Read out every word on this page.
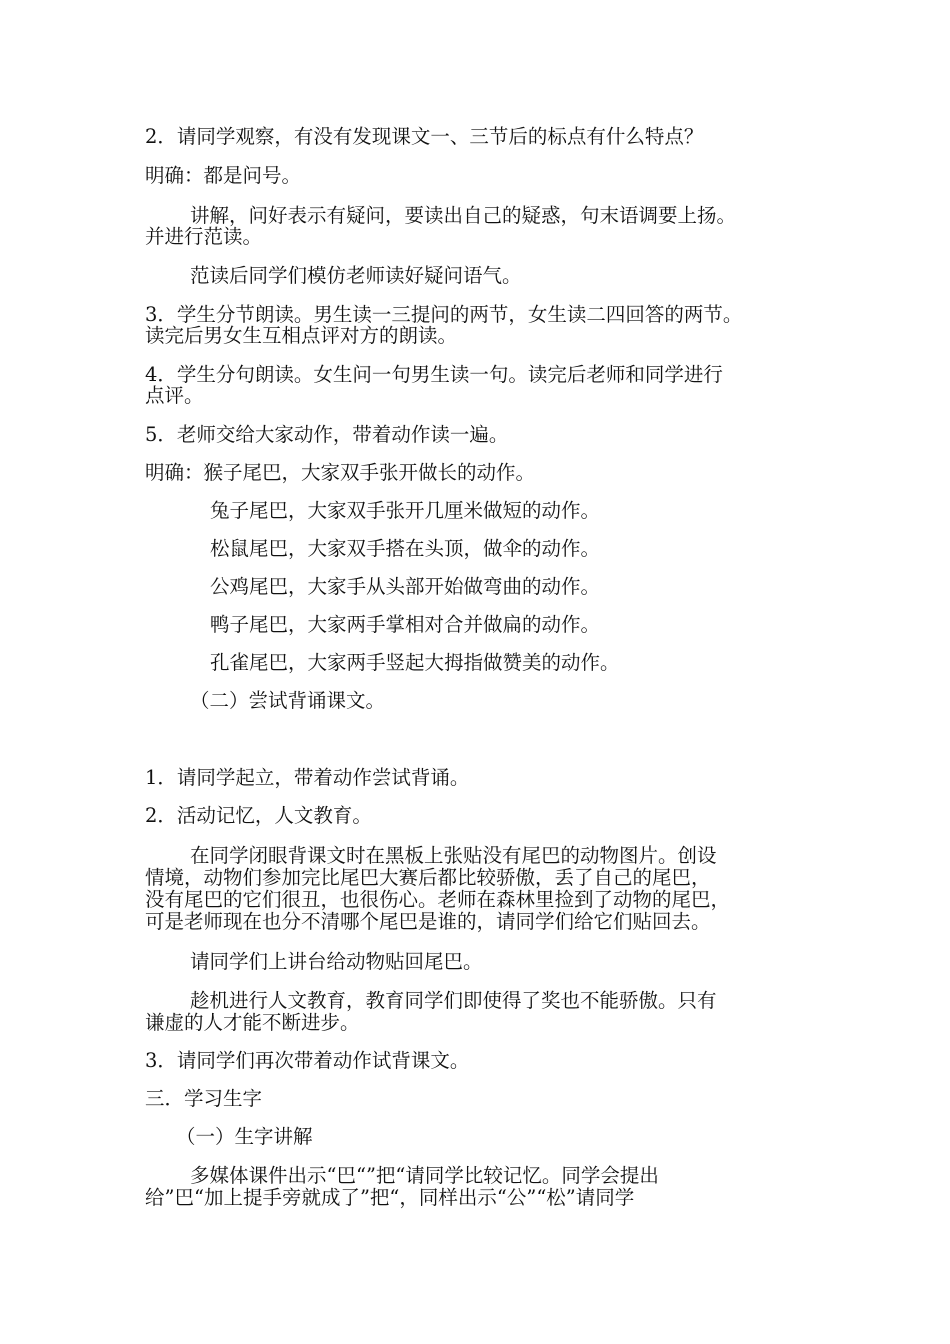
2．请同学观察，有没有发现课文一、三节后的标点有什么特点？

明确：都是问号。

讲解，问好表示有疑问，要读出自己的疑惑，句末语调要上扬。

并进行范读。

范读后同学们模仿老师读好疑问语气。

3．学生分节朗读。男生读一三提问的两节，女生读二四回答的两节。

读完后男女生互相点评对方的朗读。

4．学生分句朗读。女生问一句男生读一句。读完后老师和同学进行

点评。

5．老师交给大家动作，带着动作读一遍。

明确：猴子尾巴，大家双手张开做长的动作。

兔子尾巴，大家双手张开几厘米做短的动作。

松鼠尾巴，大家双手搭在头顶，做伞的动作。

公鸡尾巴，大家手从头部开始做弯曲的动作。

鸭子尾巴，大家两手掌相对合并做扁的动作。

孔雀尾巴，大家两手竖起大拇指做赞美的动作。

（二）尝试背诵课文。

1．请同学起立，带着动作尝试背诵。

2．活动记忆，人文教育。

在同学闭眼背课文时在黑板上张贴没有尾巴的动物图片。创设

情境，动物们参加完比尾巴大赛后都比较骄傲，丢了自己的尾巴，

没有尾巴的它们很丑，也很伤心。老师在森林里捡到了动物的尾巴，

可是老师现在也分不清哪个尾巴是谁的，请同学们给它们贴回去。

请同学们上讲台给动物贴回尾巴。

趁机进行人文教育，教育同学们即使得了奖也不能骄傲。只有

谦虚的人才能不断进步。

3．请同学们再次带着动作试背课文。

三．学习生字

（一）生字讲解

多媒体课件出示“巴“”把“请同学比较记忆。同学会提出

给”巴“加上提手旁就成了”把“，同样出示“公”“松”请同学
